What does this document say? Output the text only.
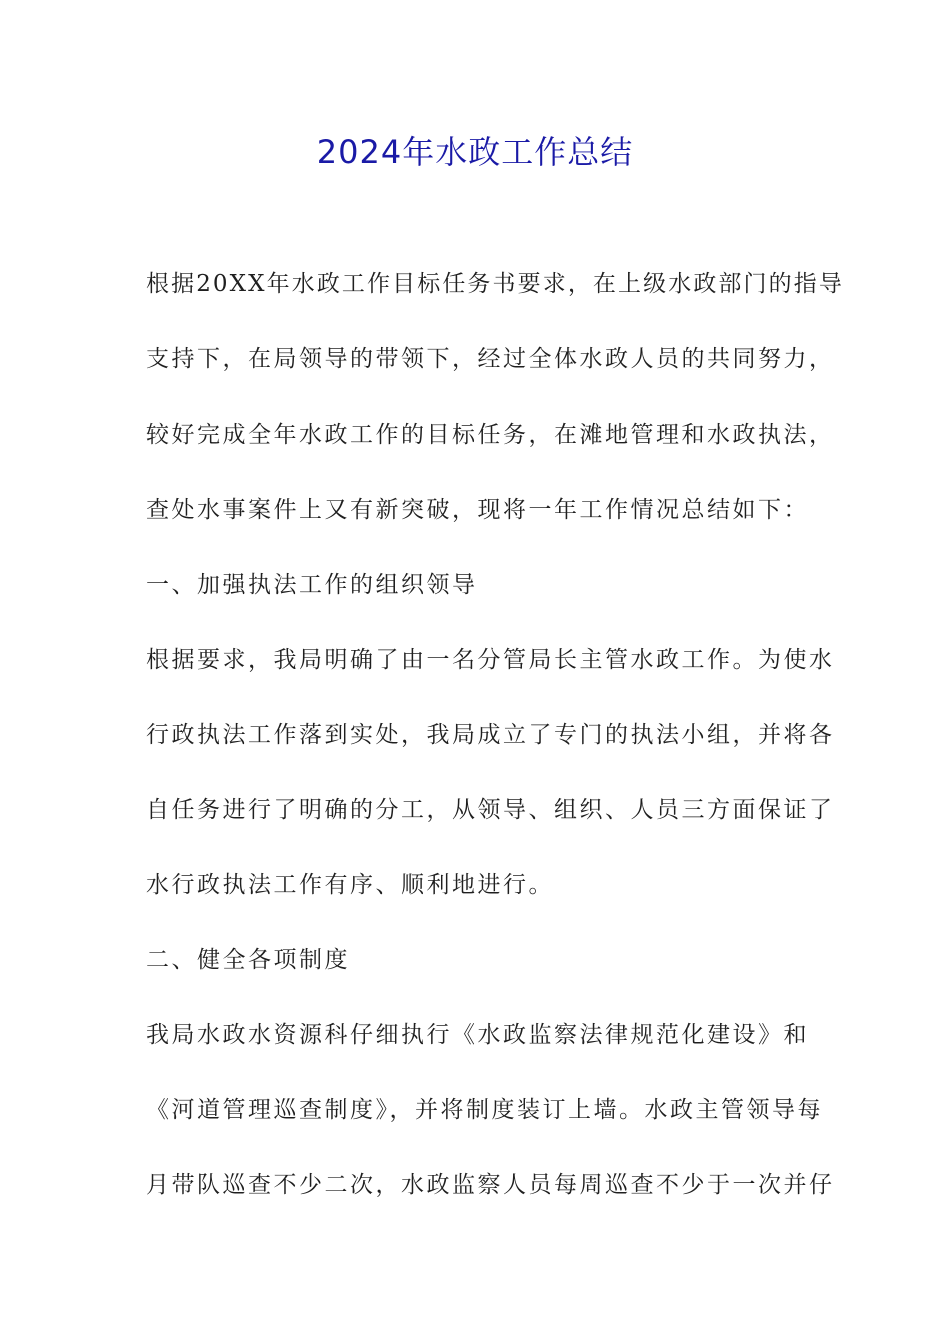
2024年水政工作总结
根据20XX年水政工作目标任务书要求，在上级水政部门的指导
支持下，在局领导的带领下，经过全体水政人员的共同努力，
较好完成全年水政工作的目标任务，在滩地管理和水政执法，
查处水事案件上又有新突破，现将一年工作情况总结如下：
一、加强执法工作的组织领导
根据要求，我局明确了由一名分管局长主管水政工作。为使水
行政执法工作落到实处，我局成立了专门的执法小组，并将各
自任务进行了明确的分工，从领导、组织、人员三方面保证了
水行政执法工作有序、顺利地进行。
二、健全各项制度
我局水政水资源科仔细执行《水政监察法律规范化建设》和
《河道管理巡查制度》，并将制度装订上墙。水政主管领导每
月带队巡查不少二次，水政监察人员每周巡查不少于一次并仔
